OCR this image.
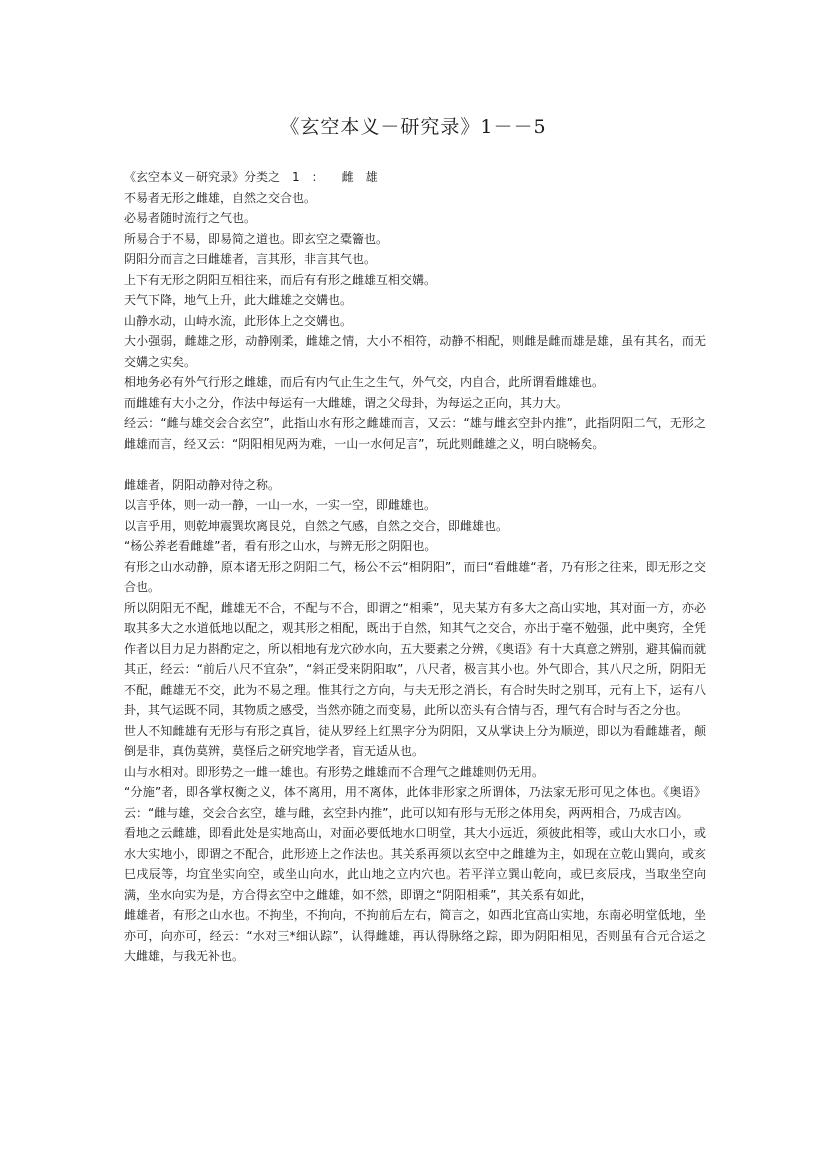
《玄空本义－研究录》1－－5

《玄空本义－研究录》分类之　1　：　　雌　雄

不易者无形之雌雄，自然之交合也。

必易者随时流行之气也。

所易合于不易，即易简之道也。即玄空之橐籥也。

阴阳分而言之曰雌雄者，言其形，非言其气也。

上下有无形之阴阳互相往来，而后有有形之雌雄互相交媾。

天气下降，地气上升，此大雌雄之交媾也。

山静水动，山峙水流，此形体上之交媾也。

大小强弱，雌雄之形，动静刚柔，雌雄之情，大小不相符，动静不相配，则雌是雌而雄是雄，虽有其名，而无交媾之实矣。

相地务必有外气行形之雌雄，而后有内气止生之生气，外气交，内自合，此所谓看雌雄也。

而雌雄有大小之分，作法中每运有一大雌雄，谓之父母卦，为每运之正向，其力大。

经云：“雌与雄交会合玄空”，此指山水有形之雌雄而言，又云：“雄与雌玄空卦内推”，此指阴阳二气，无形之雌雄而言，经又云：“阴阳相见两为难，一山一水何足言”，玩此则雌雄之义，明白晓畅矣。

雌雄者，阴阳动静对待之称。

以言乎体，则一动一静，一山一水，一实一空，即雌雄也。

以言乎用，则乾坤震巽坎离艮兑，自然之气感，自然之交合，即雌雄也。

“杨公养老看雌雄”者，看有形之山水，与辨无形之阴阳也。

有形之山水动静，原本诸无形之阴阳二气，杨公不云“相阴阳”，而曰“看雌雄“者，乃有形之往来，即无形之交合也。

所以阴阳无不配，雌雄无不合，不配与不合，即谓之“相乘”，见夫某方有多大之高山实地，其对面一方，亦必取其多大之水道低地以配之，观其形之相配，既出于自然，知其气之交合，亦出于毫不勉强，此中奥窍，全凭作者以目力足力斟酌定之，所以相地有龙穴砂水向，五大要素之分辨，《奥语》有十大真意之辨别，避其偏而就其正，经云：“前后八尺不宜杂”，“斜正受来阴阳取”，八尺者，极言其小也。外气即合，其八尺之所，阴阳无不配，雌雄无不交，此为不易之理。惟其行之方向，与夫无形之消长，有合时失时之别耳，元有上下，运有八卦，其气运既不同，其物质之感受，当然亦随之而变易，此所以峦头有合情与否，理气有合时与否之分也。

世人不知雌雄有无形与有形之真旨，徒从罗经上红黑字分为阴阳，又从掌诀上分为顺逆，即以为看雌雄者，颠倒是非，真伪莫辨，莫怪后之研究地学者，盲无适从也。

山与水相对。即形势之一雌一雄也。有形势之雌雄而不合理气之雌雄则仍无用。

“分施”者，即各掌权衡之义，体不离用，用不离体，此体非形家之所谓体，乃法家无形可见之体也。《奥语》云：“雌与雄，交会合玄空，雄与雌，玄空卦内推”，此可以知有形与无形之体用矣，两两相合，乃成吉凶。

看地之云雌雄，即看此处是实地高山，对面必要低地水口明堂，其大小远近，须彼此相等，或山大水口小，或水大实地小，即谓之不配合，此形迹上之作法也。其关系再须以玄空中之雌雄为主，如现在立乾山巽向，或亥巳戌辰等，均宜坐实向空，或坐山向水，此山地之立内穴也。若平洋立巽山乾向，或巳亥辰戌，当取坐空向满，坐水向实为是，方合得玄空中之雌雄，如不然，即谓之“阴阳相乘”，其关系有如此，

雌雄者，有形之山水也。不拘坐，不拘向，不拘前后左右，简言之，如西北宜高山实地，东南必明堂低地，坐亦可，向亦可，经云：“水对三*细认踪”，认得雌雄，再认得脉络之踪，即为阴阳相见，否则虽有合元合运之大雌雄，与我无补也。
